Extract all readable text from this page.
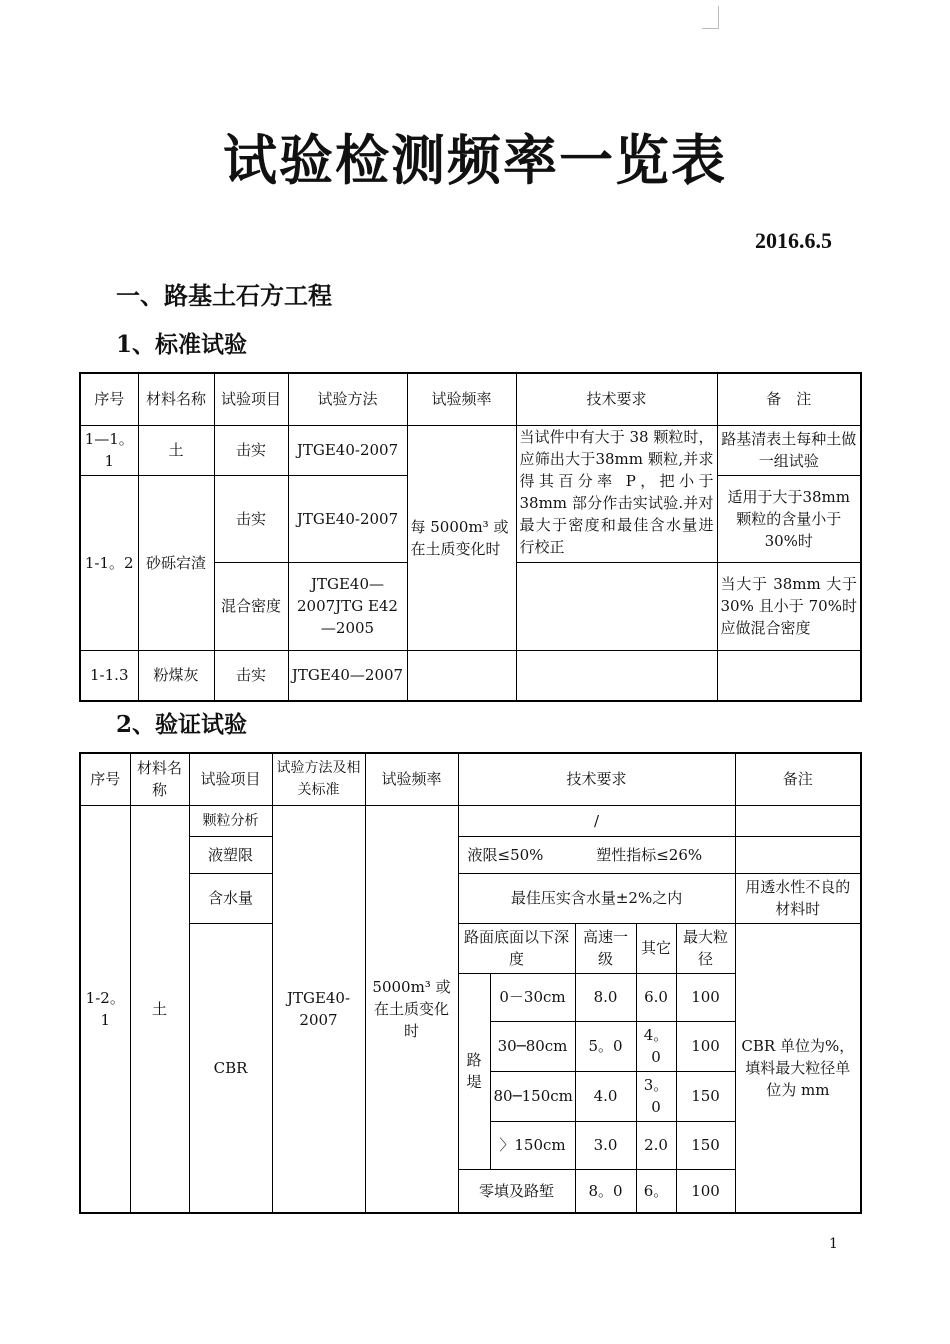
试验检测频率一览表
2016.6.5
一、路基土石方工程
1、标准试验
序号	材料名称	试验项目	试验方法	试验频率	技术要求	备　注
1—1。1	土	击实	JTGE40-2007	每 5000m³ 或在土质变化时	当试件中有大于 38 颗粒时，应筛出大于38mm 颗粒,并求得其百分率 P，把小于 38mm 部分作击实试验.并对最大于密度和最佳含水量进行校正	路基清表土每种土做一组试验
1-1。2	砂砾宕渣	击实	JTGE40-2007			适用于大于38mm 颗粒的含量小于 30%时
		混合密度	JTGE40—2007JTG E42—2005			当大于 38mm 大于 30% 且小于 70%时应做混合密度
1-1.3	粉煤灰	击实	JTGE40—2007			
2、验证试验
序号	材料名称	试验项目	试验方法及相关标准	试验频率	技术要求					备注
1-2。1	土	颗粒分析	JTGE40-2007	5000m³ 或在土质变化时	/					
		液塑限			液限≤50% 塑性指标≤26%					
		含水量			最佳压实含水量±2%之内					用透水性不良的材料时
		CBR			路面底面以下深度		高速一级	其它	最大粒径	CBR 单位为%，填料最大粒径单位为 mm
					路堤	0－30cm	8.0	6.0	100	
						30─80cm	5。0	4。0	100	
						80─150cm	4.0	3。0	150	
						〉150cm	3.0	2.0	150	
					零填及路堑		8。0	6。	100	
1
